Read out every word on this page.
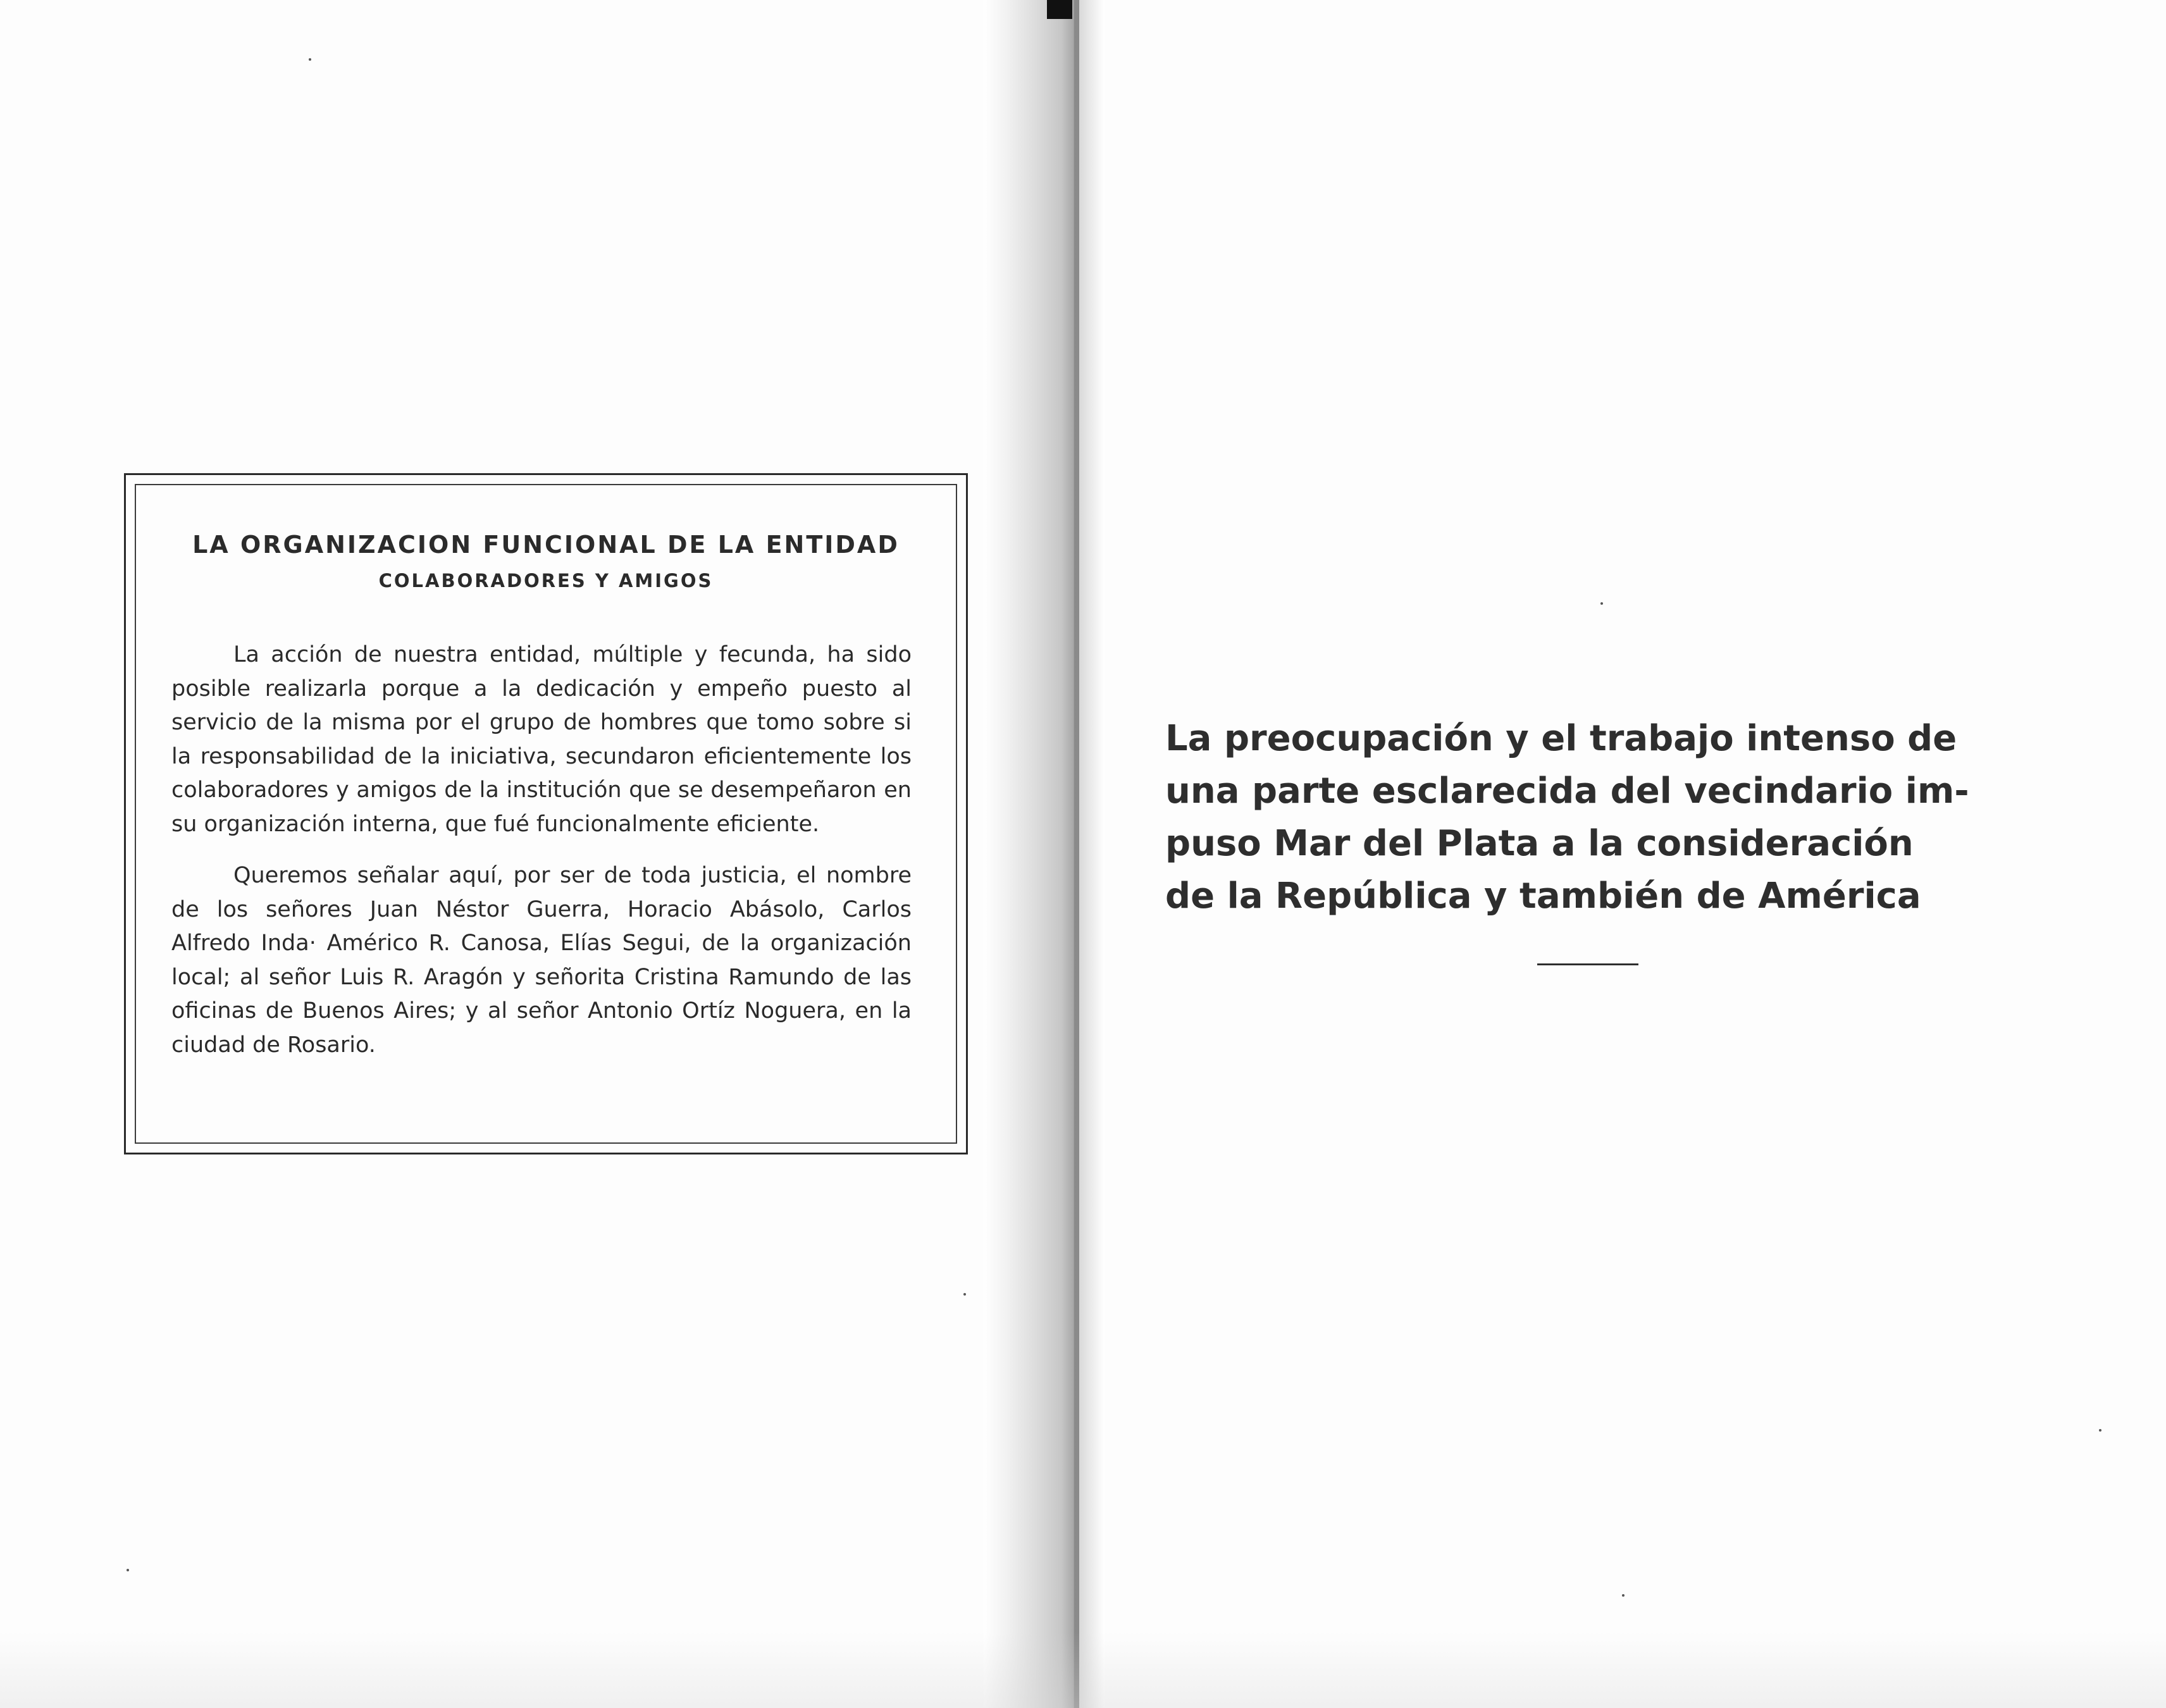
LA ORGANIZACION FUNCIONAL DE LA ENTIDAD
COLABORADORES Y AMIGOS

La acción de nuestra entidad, múltiple y fecunda, ha sido posible realizarla porque a la dedicación y empeño puesto al servicio de la misma por el grupo de hombres que tomo sobre si la responsabilidad de la iniciativa, secundaron eficientemente los colaboradores y amigos de la institución que se desempeñaron en su organización interna, que fué funcionalmente eficiente.

Queremos señalar aquí, por ser de toda justicia, el nombre de los señores Juan Néstor Guerra, Horacio Abásolo, Carlos Alfredo Inda· Américo R. Canosa, Elías Segui, de la organización local; al señor Luis R. Aragón y señorita Cristina Ramundo de las oficinas de Buenos Aires; y al señor Antonio Ortíz Noguera, en la ciudad de Rosario.

La preocupación y el trabajo intenso de
una parte esclarecida del vecindario im-
puso Mar del Plata a la consideración
de la República y también de América
